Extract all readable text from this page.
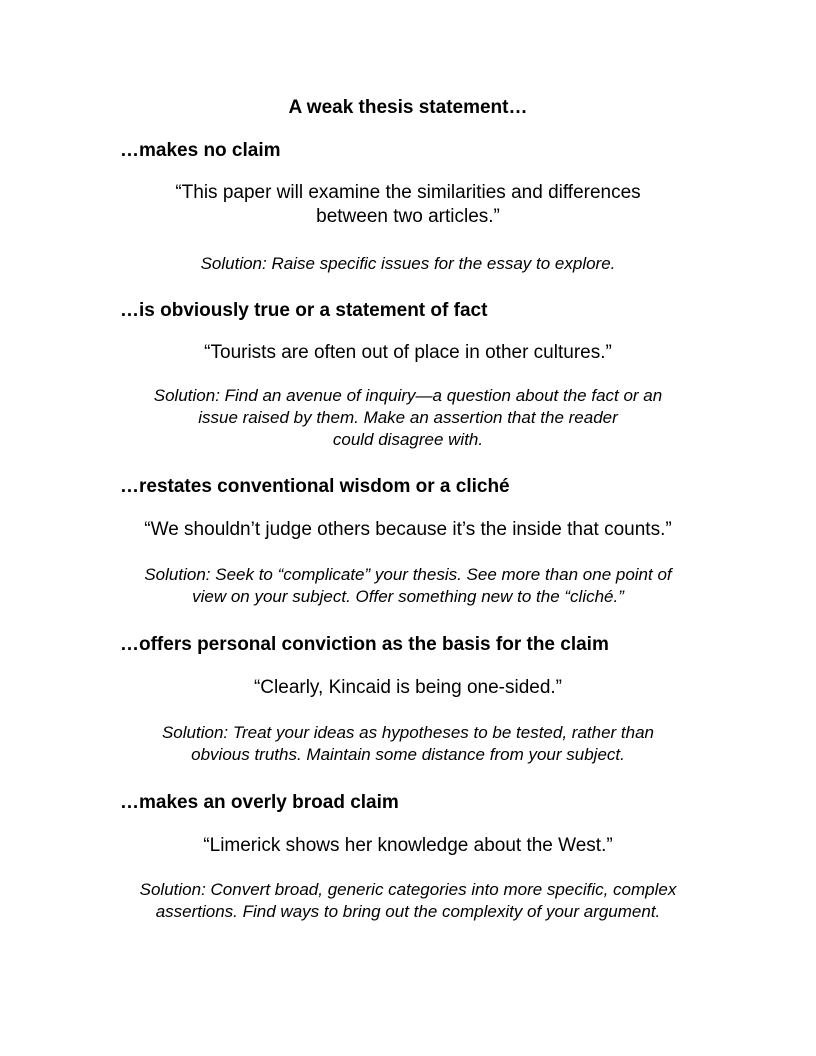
A weak thesis statement…
…makes no claim
“This paper will examine the similarities and differences
between two articles.”
Solution: Raise specific issues for the essay to explore.
…is obviously true or a statement of fact
“Tourists are often out of place in other cultures.”
Solution: Find an avenue of inquiry—a question about the fact or an
issue raised by them. Make an assertion that the reader
could disagree with.
…restates conventional wisdom or a cliché
“We shouldn’t judge others because it’s the inside that counts.”
Solution: Seek to “complicate” your thesis. See more than one point of
view on your subject. Offer something new to the “cliché.”
…offers personal conviction as the basis for the claim
“Clearly, Kincaid is being one-sided.”
Solution: Treat your ideas as hypotheses to be tested, rather than
obvious truths. Maintain some distance from your subject.
…makes an overly broad claim
“Limerick shows her knowledge about the West.”
Solution: Convert broad, generic categories into more specific, complex
assertions. Find ways to bring out the complexity of your argument.
